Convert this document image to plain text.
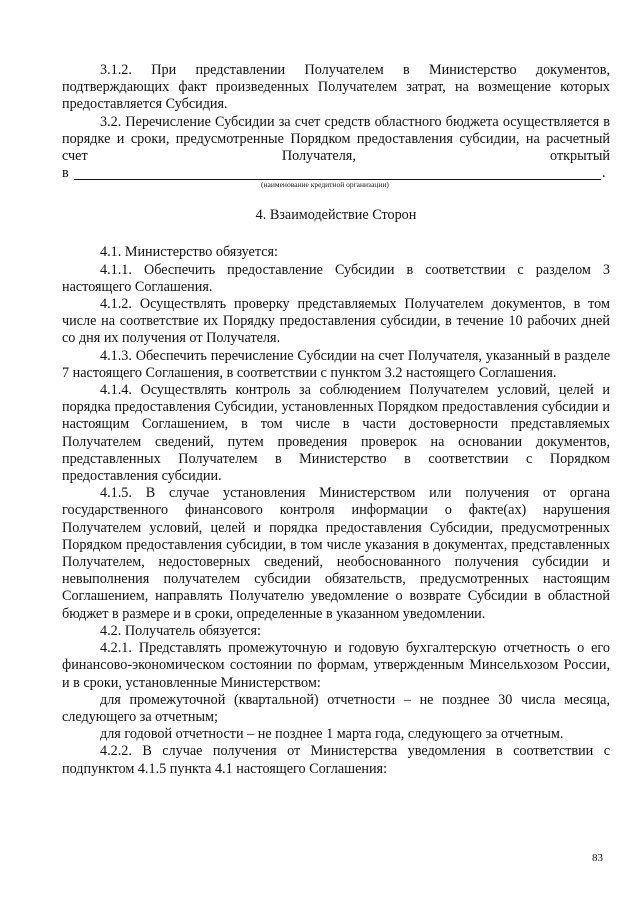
3.1.2. При представлении Получателем в Министерство документов, подтверждающих факт произведенных Получателем затрат, на возмещение которых предоставляется Субсидия.

3.2. Перечисление Субсидии за счет средств областного бюджета осуществляется в порядке и сроки, предусмотренные Порядком предоставления субсидии, на расчетный счет Получателя, открытый

в	.
(наименование кредитной организации)
4. Взаимодействие Сторон

4.1. Министерство обязуется:

4.1.1. Обеспечить предоставление Субсидии в соответствии с разделом 3 настоящего Соглашения.

4.1.2. Осуществлять проверку представляемых Получателем документов, в том числе на соответствие их Порядку предоставления субсидии, в течение 10 рабочих дней со дня их получения от Получателя.

4.1.3. Обеспечить перечисление Субсидии на счет Получателя, указанный в разделе 7 настоящего Соглашения, в соответствии с пунктом 3.2 настоящего Соглашения.

4.1.4. Осуществлять контроль за соблюдением Получателем условий, целей и порядка предоставления Субсидии, установленных Порядком предоставления субсидии и настоящим Соглашением, в том числе в части достоверности представляемых Получателем сведений, путем проведения проверок на основании документов, представленных Получателем в Министерство в соответствии с Порядком предоставления субсидии.

4.1.5. В случае установления Министерством или получения от органа государственного финансового контроля информации о факте(ах) нарушения Получателем условий, целей и порядка предоставления Субсидии, предусмотренных Порядком предоставления субсидии, в том числе указания в документах, представленных Получателем, недостоверных сведений, необоснованного получения субсидии и невыполнения получателем субсидии обязательств, предусмотренных настоящим Соглашением, направлять Получателю уведомление о возврате Субсидии в областной бюджет в размере и в сроки, определенные в указанном уведомлении.

4.2. Получатель обязуется:

4.2.1. Представлять промежуточную и годовую бухгалтерскую отчетность о его финансово-экономическом состоянии по формам, утвержденным Минсельхозом России, и в сроки, установленные Министерством:

для промежуточной (квартальной) отчетности – не позднее 30 числа месяца, следующего за отчетным;

для годовой отчетности – не позднее 1 марта года, следующего за отчетным.

4.2.2. В случае получения от Министерства уведомления в соответствии с подпунктом 4.1.5 пункта 4.1 настоящего Соглашения:

83
